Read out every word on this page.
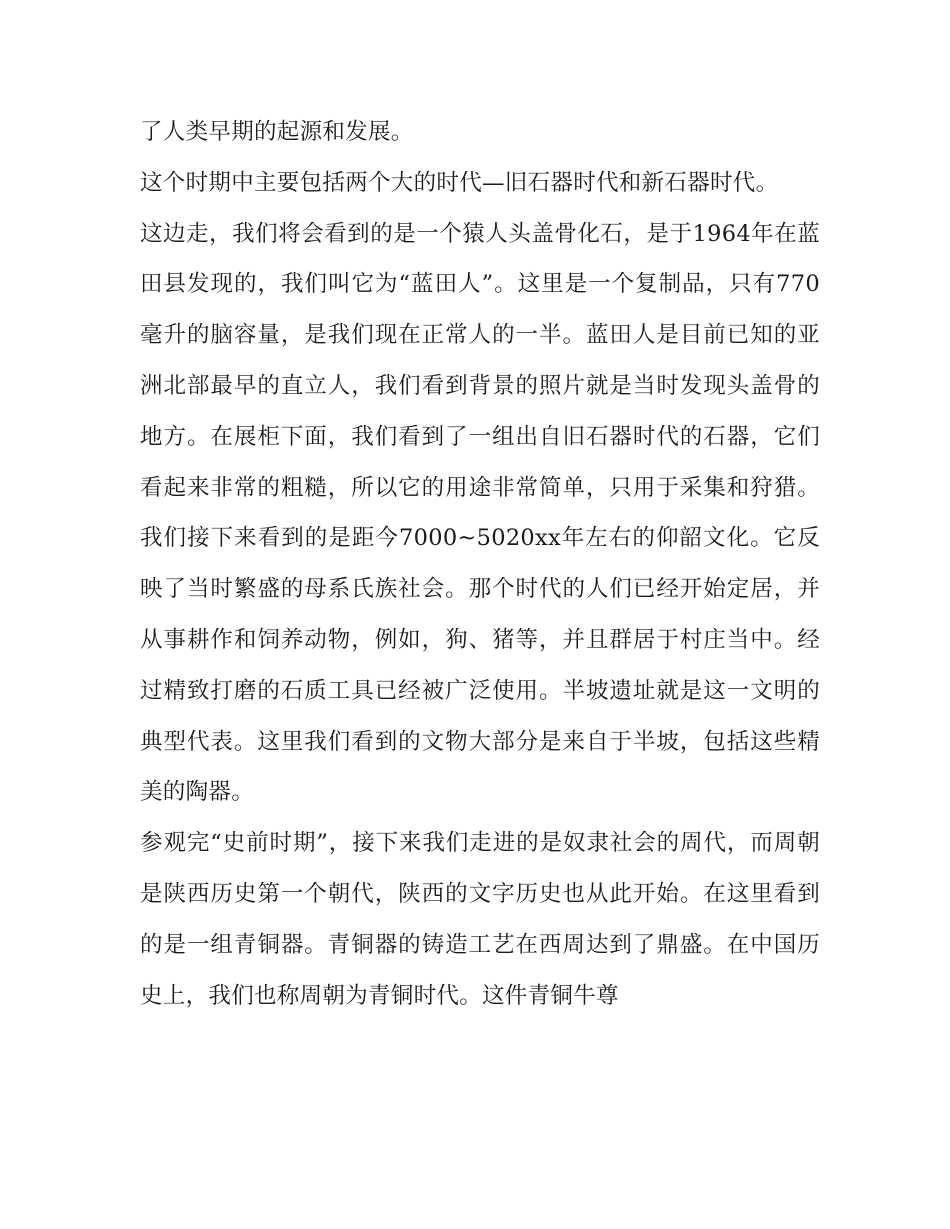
了人类早期的起源和发展。

这个时期中主要包括两个大的时代—旧石器时代和新石器时代。

这边走，我们将会看到的是一个猿人头盖骨化石，是于1964年在蓝田县发现的，我们叫它为“蓝田人”。这里是一个复制品，只有770毫升的脑容量，是我们现在正常人的一半。蓝田人是目前已知的亚洲北部最早的直立人，我们看到背景的照片就是当时发现头盖骨的地方。在展柜下面，我们看到了一组出自旧石器时代的石器，它们看起来非常的粗糙，所以它的用途非常简单，只用于采集和狩猎。我们接下来看到的是距今7000~5020xx年左右的仰韶文化。它反映了当时繁盛的母系氏族社会。那个时代的人们已经开始定居，并从事耕作和饲养动物，例如，狗、猪等，并且群居于村庄当中。经过精致打磨的石质工具已经被广泛使用。半坡遗址就是这一文明的典型代表。这里我们看到的文物大部分是来自于半坡，包括这些精美的陶器。

参观完“史前时期”，接下来我们走进的是奴隶社会的周代，而周朝是陕西历史第一个朝代，陕西的文字历史也从此开始。在这里看到的是一组青铜器。青铜器的铸造工艺在西周达到了鼎盛。在中国历史上，我们也称周朝为青铜时代。这件青铜牛尊
